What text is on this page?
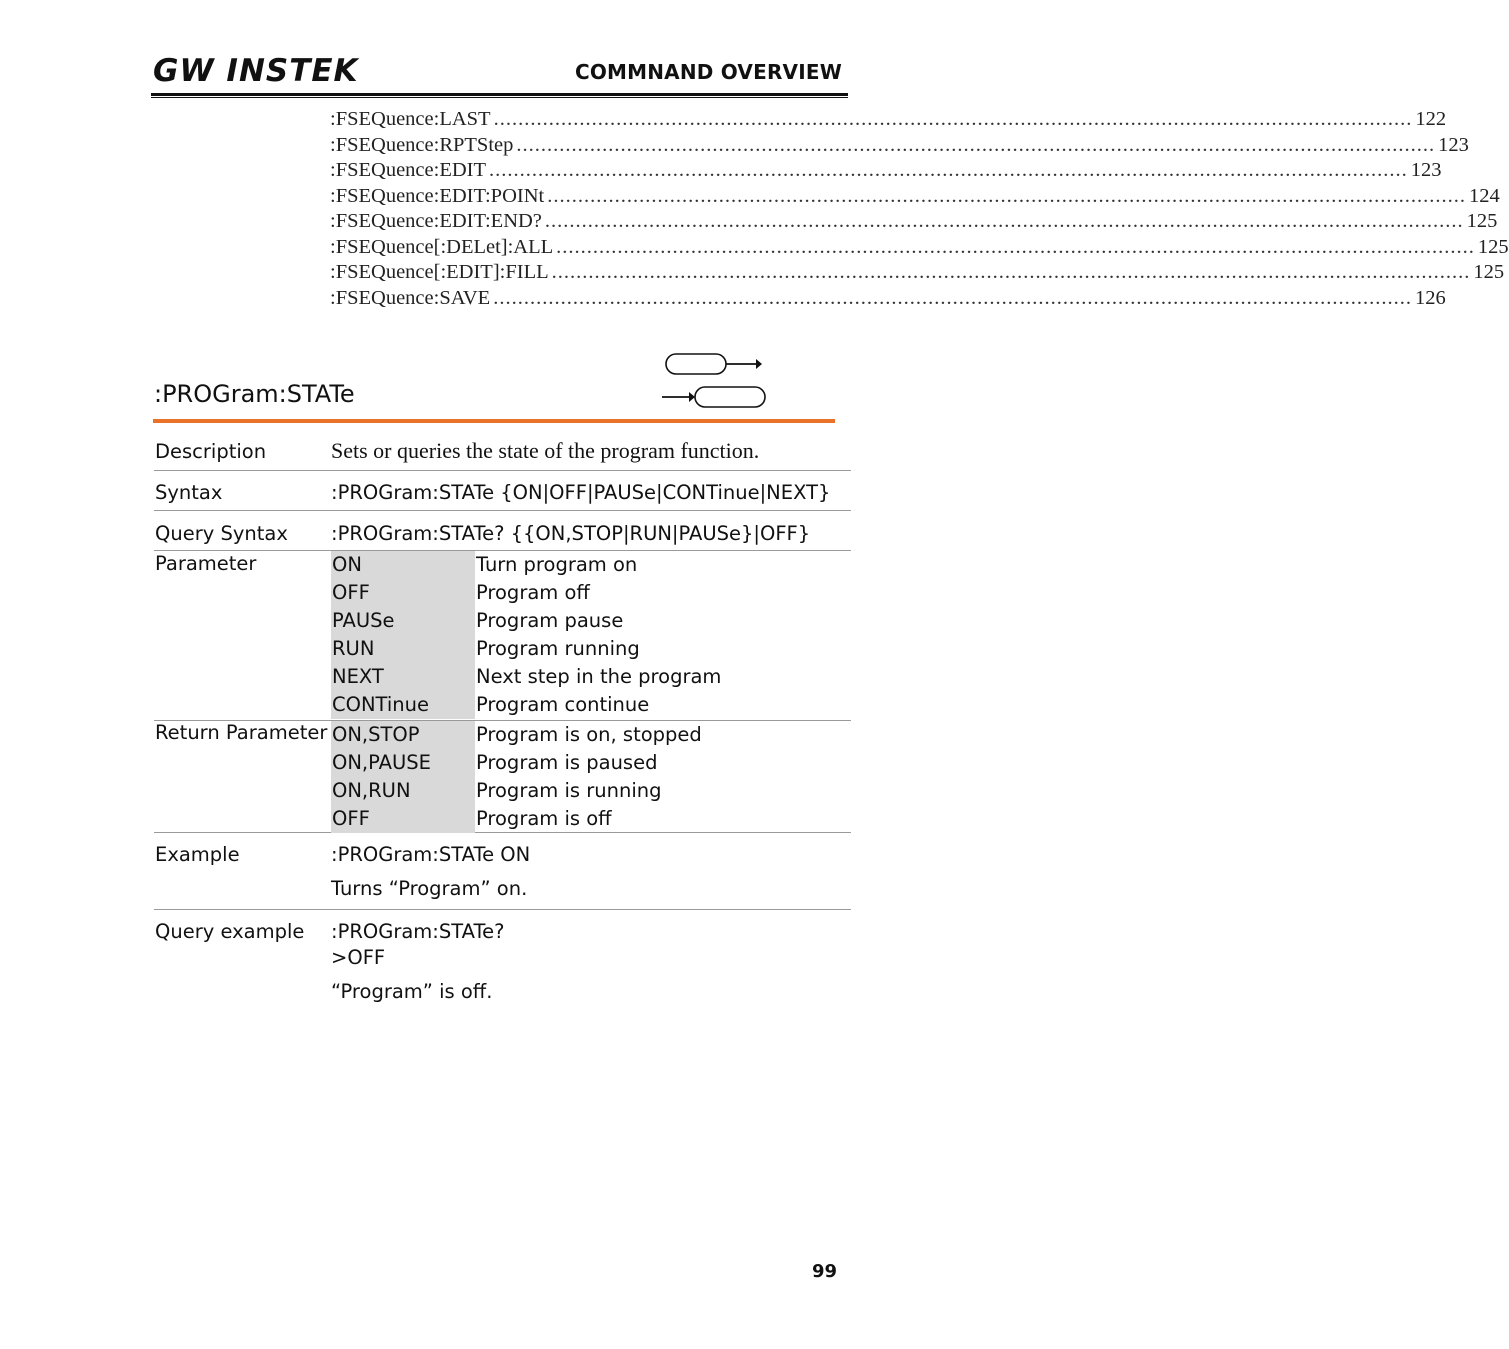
GW INSTEK	COMMNAND OVERVIEW
:FSEQuence:LAST .....	122
:FSEQuence:RPTStep .....	123
:FSEQuence:EDIT .....	123
:FSEQuence:EDIT:POINt .....	124
:FSEQuence:EDIT:END? .....	125
:FSEQuence[:DELet]:ALL .....	125
:FSEQuence[:EDIT]:FILL .....	125
:FSEQuence:SAVE .....	126
:PROGram:STATe
Description	Sets or queries the state of the program function.
Syntax	:PROGram:STATe {ON|OFF|PAUSe|CONTinue|NEXT}
Query Syntax :PROGram:STATe? {{ON,STOP|RUN|PAUSe}|OFF}
Parameter	ON	Turn program on
OFF	Program off
PAUSe	Program pause
RUN	Program running
NEXT	Next step in the program
CONTinue	Program continue
Return Parameter ON,STOP	Program is on, stopped
ON,PAUSE	Program is paused
ON,RUN	Program is running
OFF	Program is off
Example	:PROGram:STATe ON
Turns “Program” on.
Query example :PROGram:STATe?
>OFF
“Program” is off.
99
